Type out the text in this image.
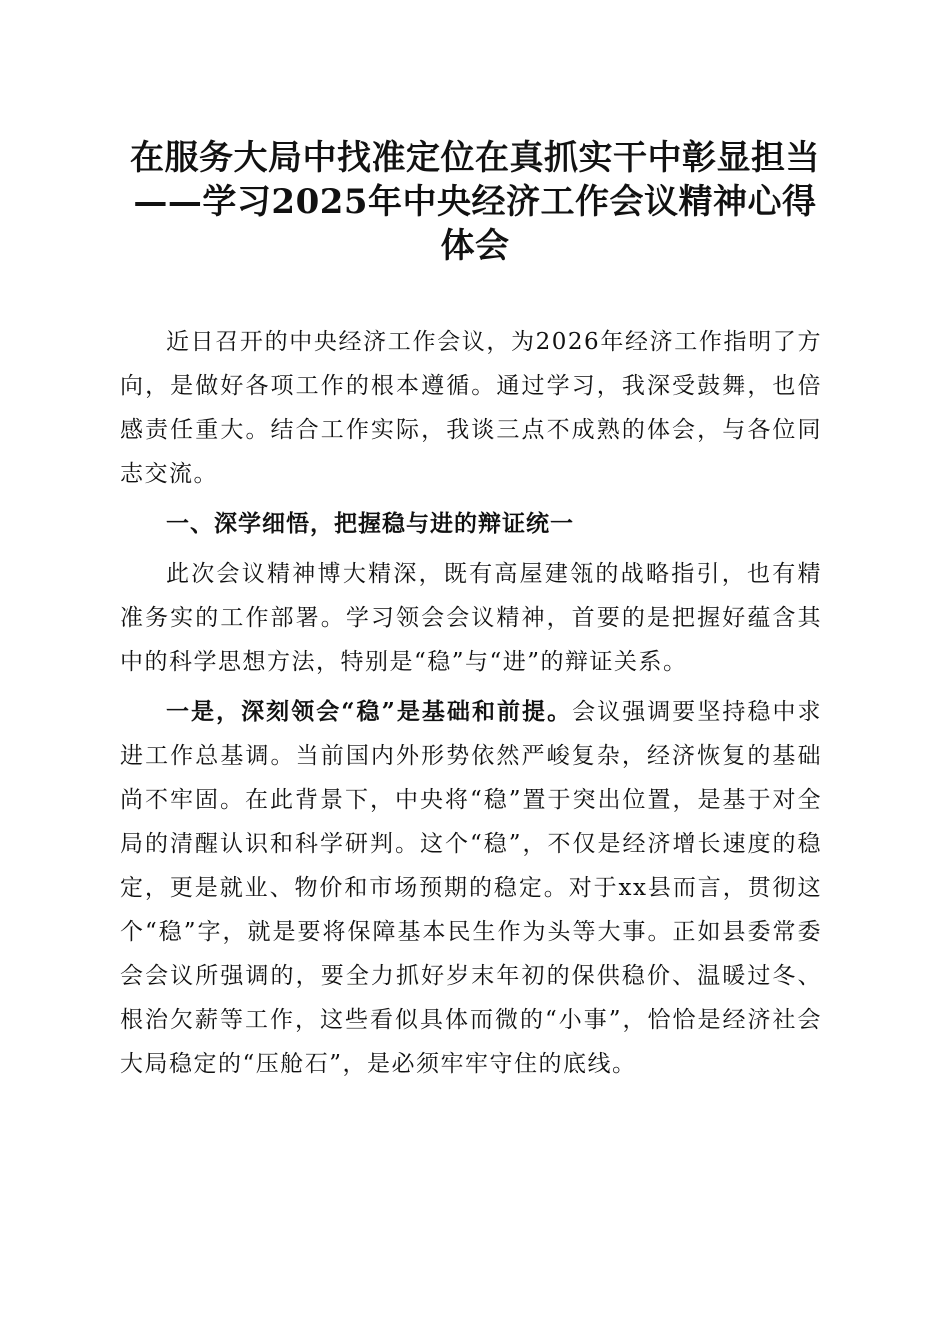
在服务大局中找准定位在真抓实干中彰显担当
——学习2025年中央经济工作会议精神心得
体会

近日召开的中央经济工作会议，为2026年经济工作指明了方向，是做好各项工作的根本遵循。通过学习，我深受鼓舞，也倍感责任重大。结合工作实际，我谈三点不成熟的体会，与各位同志交流。

一、深学细悟，把握稳与进的辩证统一

此次会议精神博大精深，既有高屋建瓴的战略指引，也有精准务实的工作部署。学习领会会议精神，首要的是把握好蕴含其中的科学思想方法，特别是“稳”与“进”的辩证关系。

一是，深刻领会“稳”是基础和前提。会议强调要坚持稳中求进工作总基调。当前国内外形势依然严峻复杂，经济恢复的基础尚不牢固。在此背景下，中央将“稳”置于突出位置，是基于对全局的清醒认识和科学研判。这个“稳”，不仅是经济增长速度的稳定，更是就业、物价和市场预期的稳定。对于xx县而言，贯彻这个“稳”字，就是要将保障基本民生作为头等大事。正如县委常委会会议所强调的，要全力抓好岁末年初的保供稳价、温暖过冬、根治欠薪等工作，这些看似具体而微的“小事”，恰恰是经济社会大局稳定的“压舱石”，是必须牢牢守住的底线。
